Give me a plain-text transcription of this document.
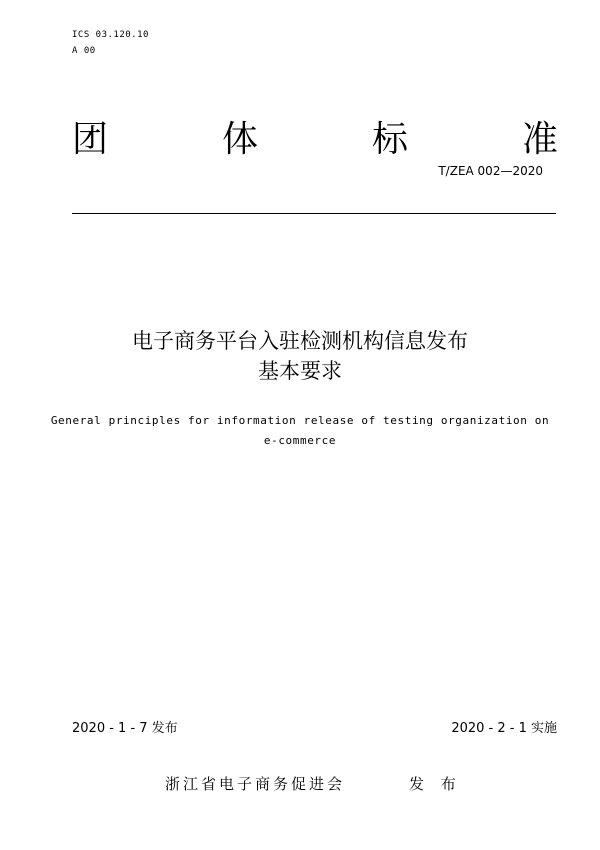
ICS 03.120.10
A 00
团	体	标	准
T/ZEA 002—2020
电子商务平台入驻检测机构信息发布
基本要求
General principles for information release of testing organization on
e-commerce
2020 - 1 - 7 发布	2020 - 2 - 1 实施
浙江省电子商务促进会	发 布
